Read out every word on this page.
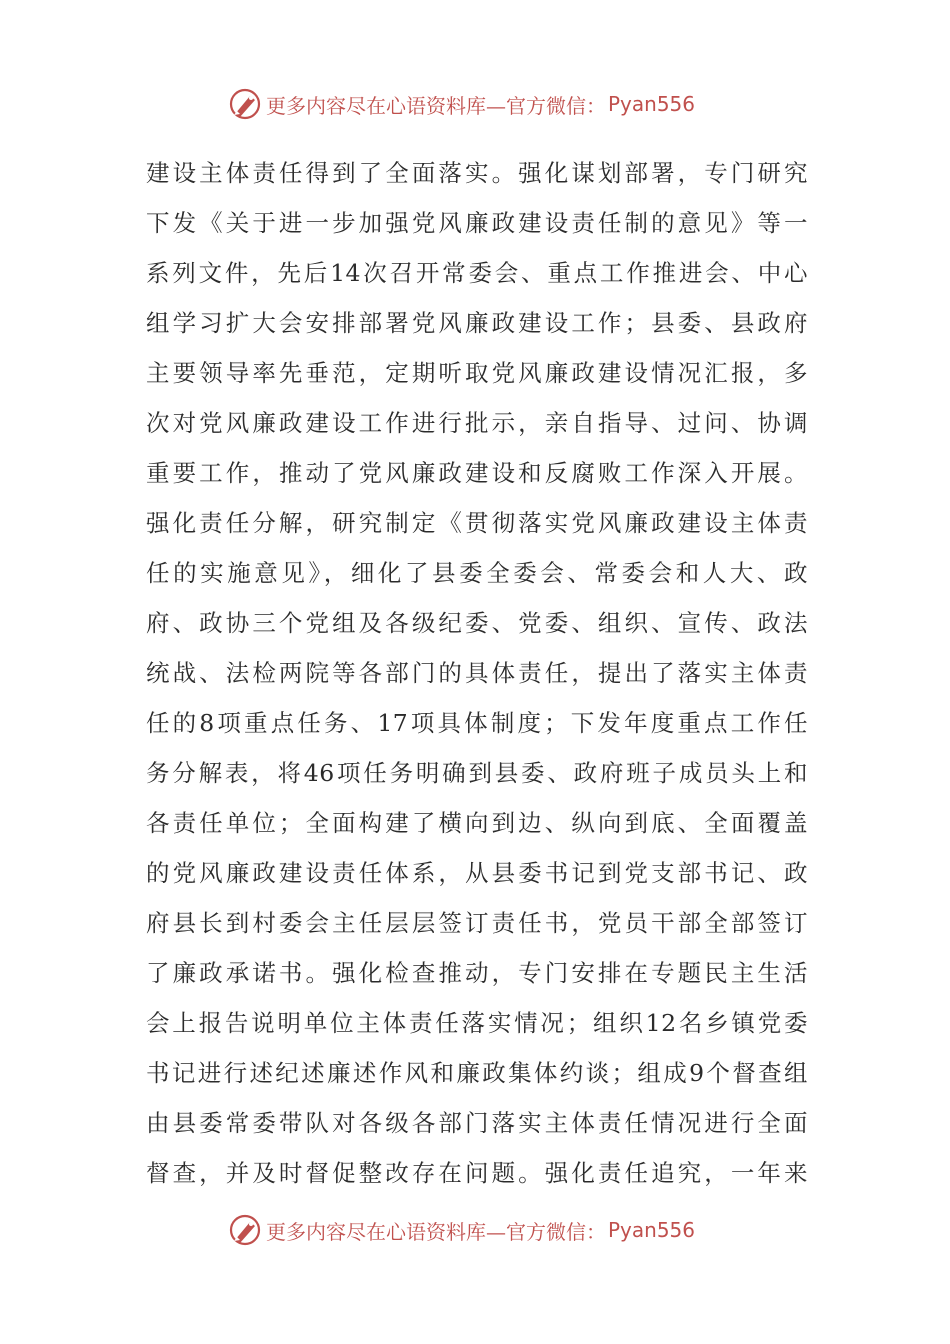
更多内容尽在心语资料库—官方微信： Pyan556
建设主体责任得到了全面落实。强化谋划部署，专门研究
下发《关于进一步加强党风廉政建设责任制的意见》等一
系列文件，先后14次召开常委会、重点工作推进会、中心
组学习扩大会安排部署党风廉政建设工作；县委、县政府
主要领导率先垂范，定期听取党风廉政建设情况汇报，多
次对党风廉政建设工作进行批示，亲自指导、过问、协调
重要工作，推动了党风廉政建设和反腐败工作深入开展。
强化责任分解，研究制定《贯彻落实党风廉政建设主体责
任的实施意见》，细化了县委全委会、常委会和人大、政
府、政协三个党组及各级纪委、党委、组织、宣传、政法
统战、法检两院等各部门的具体责任，提出了落实主体责
任的8项重点任务、17项具体制度；下发年度重点工作任
务分解表，将46项任务明确到县委、政府班子成员头上和
各责任单位；全面构建了横向到边、纵向到底、全面覆盖
的党风廉政建设责任体系，从县委书记到党支部书记、政
府县长到村委会主任层层签订责任书，党员干部全部签订
了廉政承诺书。强化检查推动，专门安排在专题民主生活
会上报告说明单位主体责任落实情况；组织12名乡镇党委
书记进行述纪述廉述作风和廉政集体约谈；组成9个督查组
由县委常委带队对各级各部门落实主体责任情况进行全面
督查，并及时督促整改存在问题。强化责任追究，一年来
更多内容尽在心语资料库—官方微信： Pyan556
